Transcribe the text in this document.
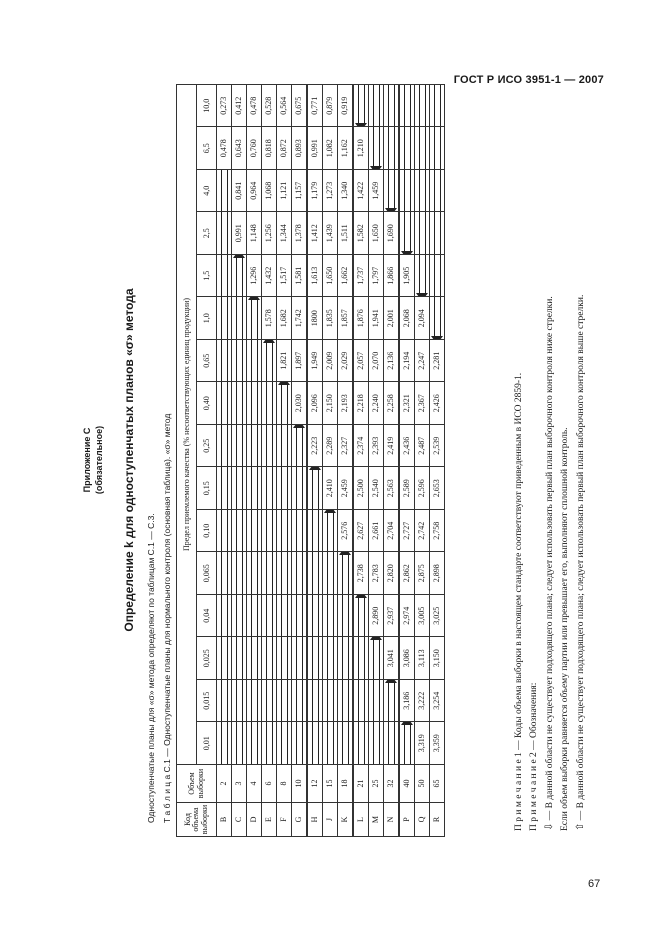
ГОСТ Р ИСО 3951-1 — 2007
Приложение C (обязательное) Определение k для одноступенчатых планов «σ» метода
Одноступенчатые планы для «σ» метода определяют по таблицам С.1 — С.3. Т а б л и ц а С.1 — Одноступенчатые планы для нормального контроля (основная таблица). «σ» метод Код объема выборки	Объем выборки	Предел приемлемого качества (% несоответствующих единиц продукции)															
		0,01	0,015	0,025	0,04	0,065	0,10	0,15	0,25	0,40	0,65	1,0	1,5	2,5	4,0	6,5	10,0
B	2															0,478	0,273
C	3													0,991	0,841	0,643	0,412
D	4												1,296	1,148	0,964	0,760	0,478
E	6											1,578	1,432	1,256	1,068	0,818	0,528
F	8										1,821	1,682	1,517	1,344	1,121	0,872	0,564
G	10									2,030	1,897	1,742	1,581	1,378	1,157	0,893	0,675
H	12								2,223	2,096	1,949	1800	1,613	1,412	1,179	0,991	0,771
J	15							2,410	2,289	2,150	2,009	1,835	1,650	1,439	1,273	1,082	0,879
K	18						2,576	2,459	2,327	2,193	2,029	1,857	1,662	1,511	1,340	1,162	0,919
L	21					2,738	2,627	2,500	2,374	2,218	2,057	1,876	1,737	1,582	1,422	1,210	

M	25				2,890	2,783	2,661	2,540	2,393	2,240	2,070	1,941	1,797	1,650	1,459	

N	32			3,041	2,937	2,820	2,704	2,563	2,419	2,258	2,136	2,001	1,866	1,690	

P	40		3,186	3,086	2,974	2,862	2,727	2,589	2,436	2,321	2,194	2,068	1,905	

Q	50	3,319	3,222	3,113	3,005	2,875	2,742	2,596	2,487	2,367	2,247	2,094	

R	65	3,359	3,254	3,150	3,025	2,898	2,758	2,653	2,539	2,426	2,281	

П р и м е ч а н и е 1 — Коды объема выборки в настоящем стандарте соответствуют приведенным в ИСО 2859-1. П р и м е ч а н и е 2 — Обозначения: ⇩ — В данной области не существует подходящего плана; следует использовать первый план выборочного контроля ниже стрелки. Если объем выборки равняется объему партии или превышает его, выполняют сплошной контроль. ⇧ — В данной области не существует подходящего плана; следует использовать первый план выборочного контроля выше стрелки.
67
